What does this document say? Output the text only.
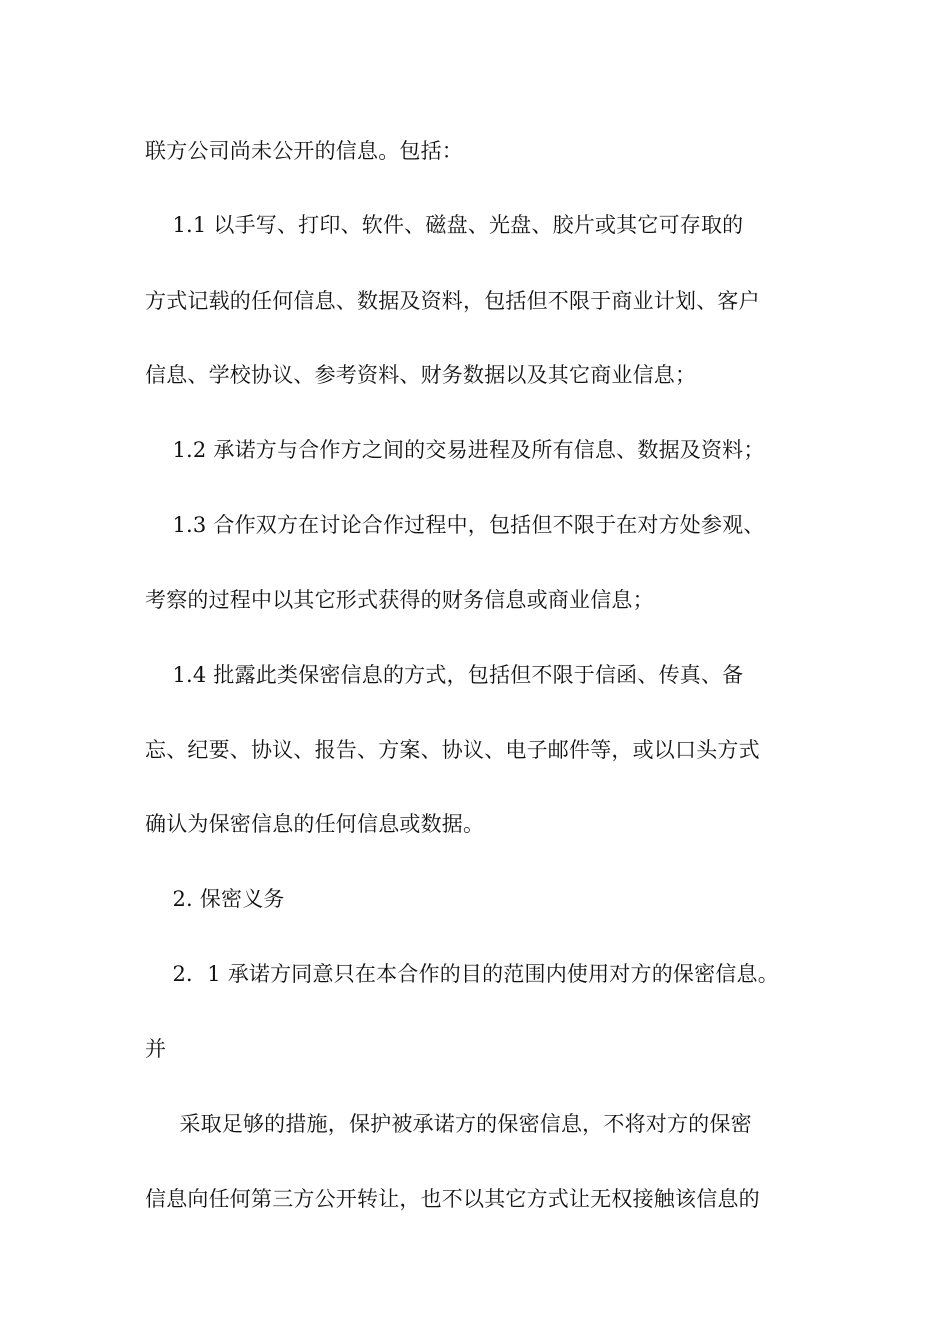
联方公司尚未公开的信息。包括：
1.1 以手写、打印、软件、磁盘、光盘、胶片或其它可存取的
方式记载的任何信息、数据及资料，包括但不限于商业计划、客户
信息、学校协议、参考资料、财务数据以及其它商业信息；
1.2 承诺方与合作方之间的交易进程及所有信息、数据及资料；
1.3 合作双方在讨论合作过程中，包括但不限于在对方处参观、
考察的过程中以其它形式获得的财务信息或商业信息；
1.4 批露此类保密信息的方式，包括但不限于信函、传真、备
忘、纪要、协议、报告、方案、协议、电子邮件等，或以口头方式
确认为保密信息的任何信息或数据。
2. 保密义务
2．1 承诺方同意只在本合作的目的范围内使用对方的保密信息。
并
采取足够的措施，保护被承诺方的保密信息，不将对方的保密
信息向任何第三方公开转让，也不以其它方式让无权接触该信息的
